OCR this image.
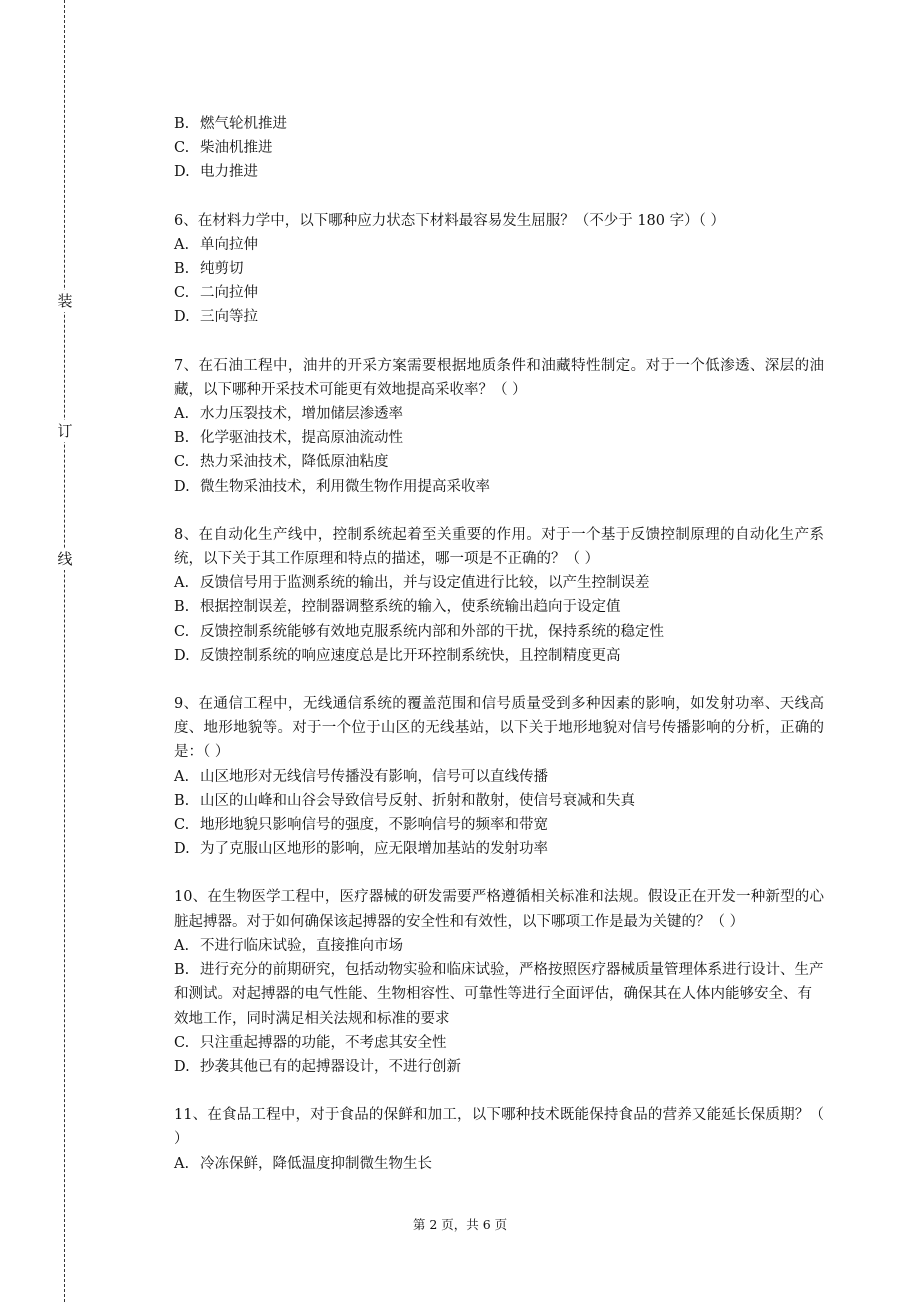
装
订
线

B. 燃气轮机推进

C. 柴油机推进

D. 电力推进

6、在材料力学中，以下哪种应力状态下材料最容易发生屈服？（不少于 180 字）（ ）

A. 单向拉伸

B. 纯剪切

C. 二向拉伸

D. 三向等拉

7、在石油工程中，油井的开采方案需要根据地质条件和油藏特性制定。对于一个低渗透、深层的油藏，以下哪种开采技术可能更有效地提高采收率？（ ）

A. 水力压裂技术，增加储层渗透率

B. 化学驱油技术，提高原油流动性

C. 热力采油技术，降低原油粘度

D. 微生物采油技术，利用微生物作用提高采收率

8、在自动化生产线中，控制系统起着至关重要的作用。对于一个基于反馈控制原理的自动化生产系统，以下关于其工作原理和特点的描述，哪一项是不正确的？（ ）

A. 反馈信号用于监测系统的输出，并与设定值进行比较，以产生控制误差

B. 根据控制误差，控制器调整系统的输入，使系统输出趋向于设定值

C. 反馈控制系统能够有效地克服系统内部和外部的干扰，保持系统的稳定性

D. 反馈控制系统的响应速度总是比开环控制系统快，且控制精度更高

9、在通信工程中，无线通信系统的覆盖范围和信号质量受到多种因素的影响，如发射功率、天线高度、地形地貌等。对于一个位于山区的无线基站，以下关于地形地貌对信号传播影响的分析，正确的是：（ ）

A. 山区地形对无线信号传播没有影响，信号可以直线传播

B. 山区的山峰和山谷会导致信号反射、折射和散射，使信号衰减和失真

C. 地形地貌只影响信号的强度，不影响信号的频率和带宽

D. 为了克服山区地形的影响，应无限增加基站的发射功率

10、在生物医学工程中，医疗器械的研发需要严格遵循相关标准和法规。假设正在开发一种新型的心脏起搏器。对于如何确保该起搏器的安全性和有效性，以下哪项工作是最为关键的？（ ）

A. 不进行临床试验，直接推向市场

B. 进行充分的前期研究，包括动物实验和临床试验，严格按照医疗器械质量管理体系进行设计、生产和测试。对起搏器的电气性能、生物相容性、可靠性等进行全面评估，确保其在人体内能够安全、有效地工作，同时满足相关法规和标准的要求

C. 只注重起搏器的功能，不考虑其安全性

D. 抄袭其他已有的起搏器设计，不进行创新

11、在食品工程中，对于食品的保鲜和加工，以下哪种技术既能保持食品的营养又能延长保质期？（ ）

A. 冷冻保鲜，降低温度抑制微生物生长

第 2 页，共 6 页
